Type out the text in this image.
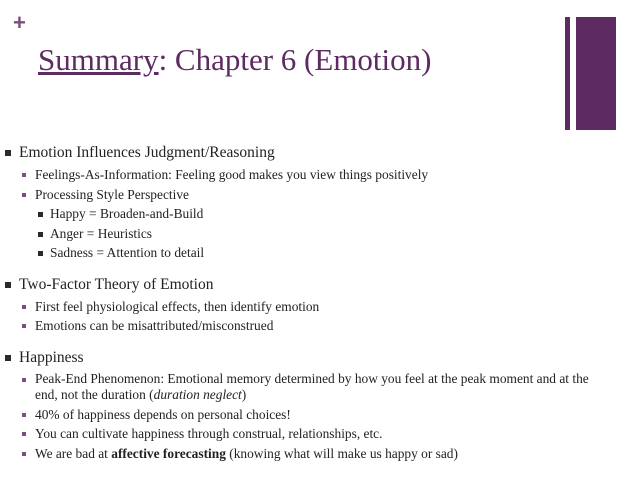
+
Summary: Chapter 6 (Emotion)
Emotion Influences Judgment/Reasoning
Feelings-As-Information: Feeling good makes you view things positively
Processing Style Perspective
Happy = Broaden-and-Build
Anger = Heuristics
Sadness = Attention to detail
Two-Factor Theory of Emotion
First feel physiological effects, then identify emotion
Emotions can be misattributed/misconstrued
Happiness
Peak-End Phenomenon: Emotional memory determined by how you feel at the peak moment and at the
end, not the duration (duration neglect)
40% of happiness depends on personal choices!
You can cultivate happiness through construal, relationships, etc.
We are bad at affective forecasting (knowing what will make us happy or sad)
